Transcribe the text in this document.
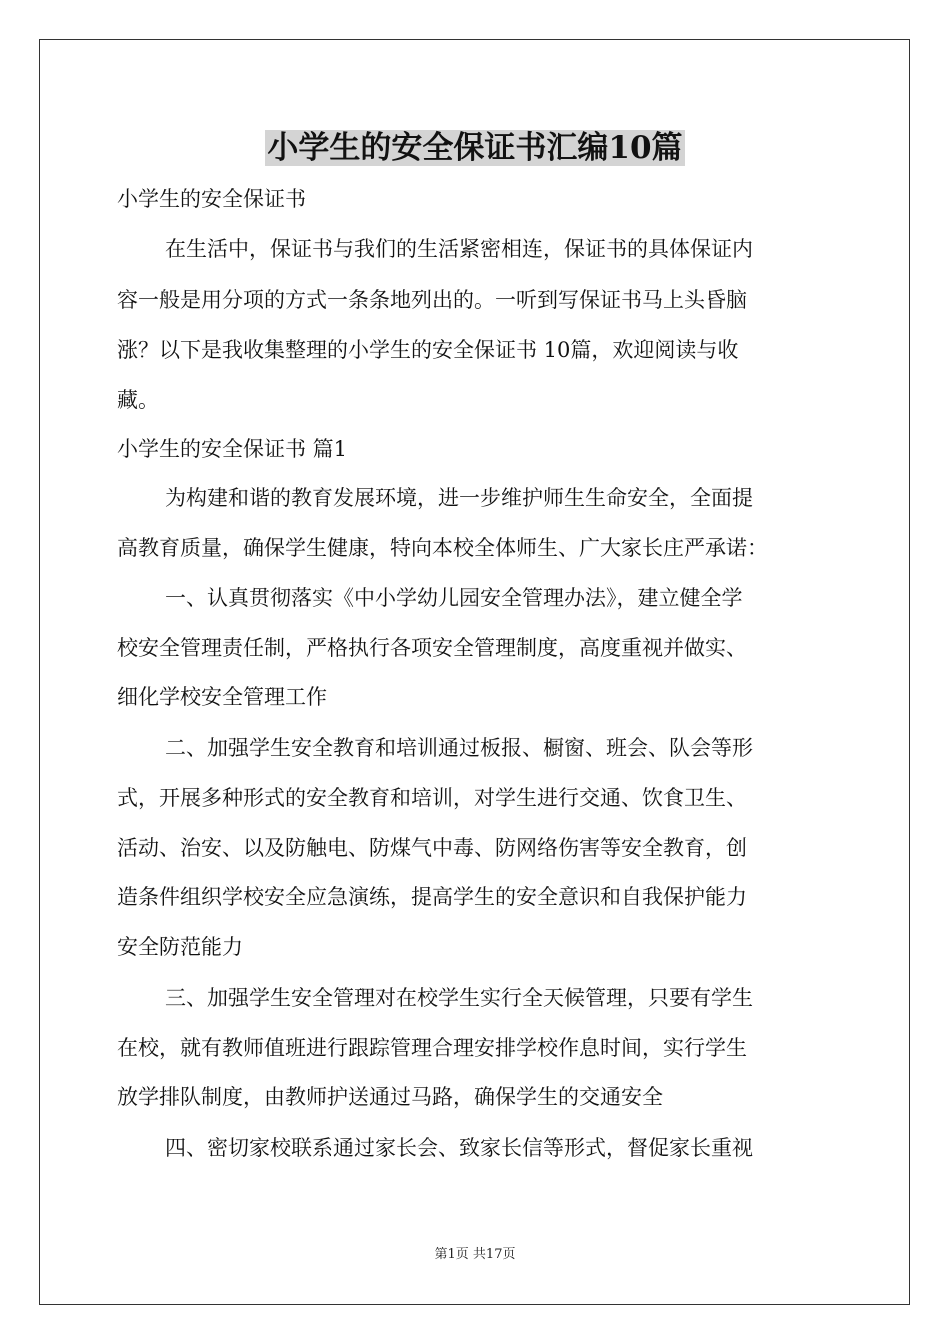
小学生的安全保证书汇编10篇
小学生的安全保证书
在生活中，保证书与我们的生活紧密相连，保证书的具体保证内
容一般是用分项的方式一条条地列出的。一听到写保证书马上头昏脑
涨？以下是我收集整理的小学生的安全保证书 10篇，欢迎阅读与收
藏。
小学生的安全保证书 篇1
为构建和谐的教育发展环境，进一步维护师生生命安全，全面提
高教育质量，确保学生健康，特向本校全体师生、广大家长庄严承诺：
一、认真贯彻落实《中小学幼儿园安全管理办法》，建立健全学
校安全管理责任制，严格执行各项安全管理制度，高度重视并做实、
细化学校安全管理工作
二、加强学生安全教育和培训通过板报、橱窗、班会、队会等形
式，开展多种形式的安全教育和培训，对学生进行交通、饮食卫生、
活动、治安、以及防触电、防煤气中毒、防网络伤害等安全教育，创
造条件组织学校安全应急演练，提高学生的安全意识和自我保护能力
安全防范能力
三、加强学生安全管理对在校学生实行全天候管理，只要有学生
在校，就有教师值班进行跟踪管理合理安排学校作息时间，实行学生
放学排队制度，由教师护送通过马路，确保学生的交通安全
四、密切家校联系通过家长会、致家长信等形式，督促家长重视
第1页 共17页
